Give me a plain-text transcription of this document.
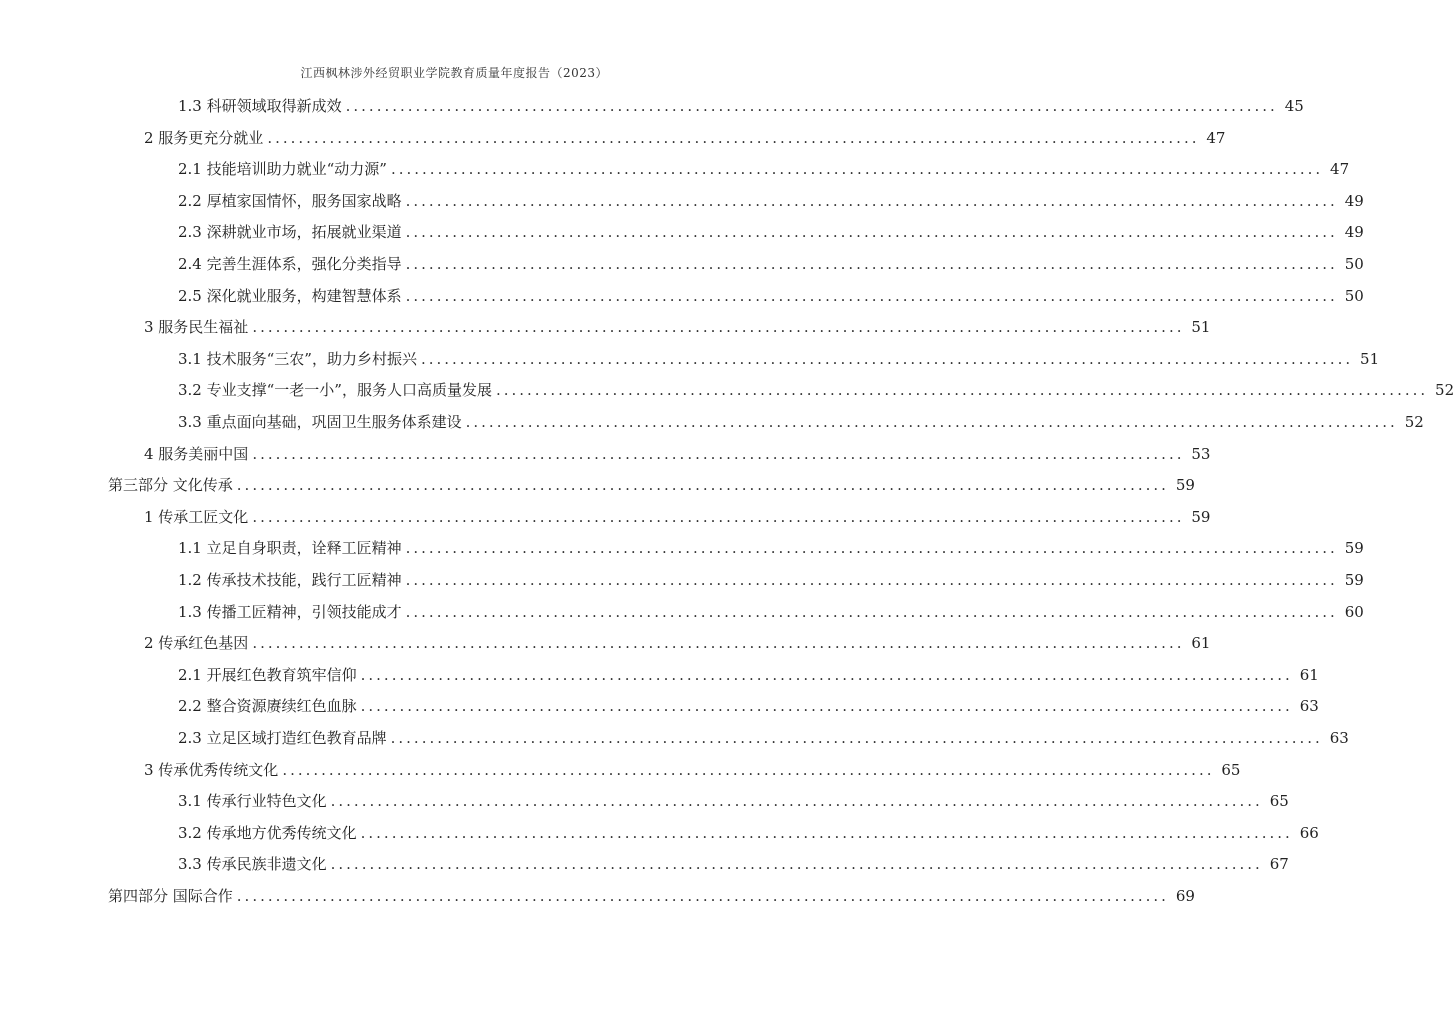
江西枫林涉外经贸职业学院教育质量年度报告（2023）
1.3 科研领域取得新成效 ........................................................................................................................ 45
2 服务更充分就业 ........................................................................................................................ 47
2.1 技能培训助力就业“动力源” ........................................................................................................................ 47
2.2 厚植家国情怀，服务国家战略 ........................................................................................................................ 49
2.3 深耕就业市场，拓展就业渠道 ........................................................................................................................ 49
2.4 完善生涯体系，强化分类指导 ........................................................................................................................ 50
2.5 深化就业服务，构建智慧体系 ........................................................................................................................ 50
3 服务民生福祉 ........................................................................................................................ 51
3.1 技术服务“三农”，助力乡村振兴 ........................................................................................................................ 51
3.2 专业支撑“一老一小”，服务人口高质量发展 ........................................................................................................................ 52
3.3 重点面向基础，巩固卫生服务体系建设 ........................................................................................................................ 52
4 服务美丽中国 ........................................................................................................................ 53
第三部分 文化传承 ........................................................................................................................ 59
1 传承工匠文化 ........................................................................................................................ 59
1.1 立足自身职责，诠释工匠精神 ........................................................................................................................ 59
1.2 传承技术技能，践行工匠精神 ........................................................................................................................ 59
1.3 传播工匠精神，引领技能成才 ........................................................................................................................ 60
2 传承红色基因 ........................................................................................................................ 61
2.1 开展红色教育筑牢信仰 ........................................................................................................................ 61
2.2 整合资源赓续红色血脉 ........................................................................................................................ 63
2.3 立足区域打造红色教育品牌 ........................................................................................................................ 63
3 传承优秀传统文化 ........................................................................................................................ 65
3.1 传承行业特色文化 ........................................................................................................................ 65
3.2 传承地方优秀传统文化 ........................................................................................................................ 66
3.3 传承民族非遗文化 ........................................................................................................................ 67
第四部分 国际合作 ........................................................................................................................ 69
